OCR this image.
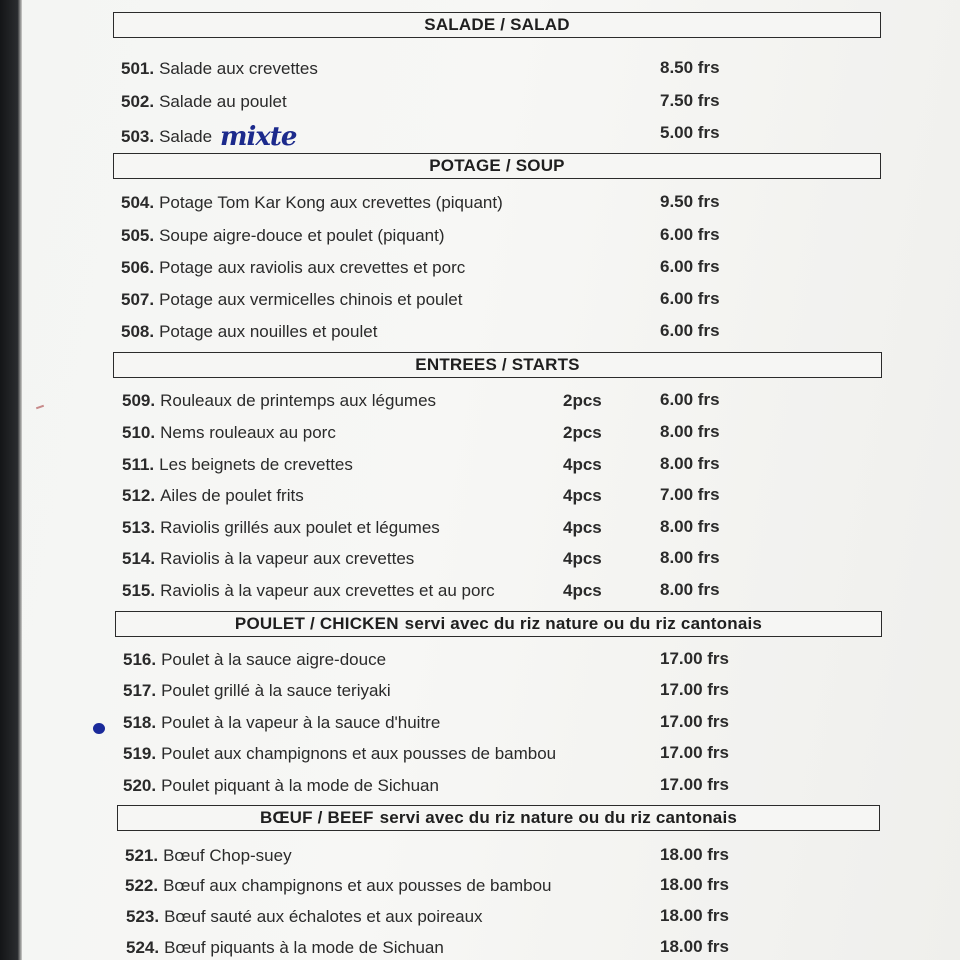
SALADE / SALAD
POTAGE / SOUP
ENTREES / STARTS
POULET / CHICKEN servi avec du riz nature ou du riz cantonais
BŒUF / BEEF servi avec du riz nature ou du riz cantonais
501. Salade aux crevettes	8.50 frs
502. Salade au poulet	7.50 frs
503. Salade mixte	5.00 frs
504. Potage Tom Kar Kong aux crevettes (piquant)	9.50 frs
505. Soupe aigre-douce et poulet (piquant)	6.00 frs
506. Potage aux raviolis aux crevettes et porc	6.00 frs
507. Potage aux vermicelles chinois et poulet	6.00 frs
508. Potage aux nouilles et poulet	6.00 frs
509. Rouleaux de printemps aux légumes	2pcs	6.00 frs
510. Nems rouleaux au porc	2pcs	8.00 frs
511. Les beignets de crevettes	4pcs	8.00 frs
512. Ailes de poulet frits	4pcs	7.00 frs
513. Raviolis grillés aux poulet et légumes	4pcs	8.00 frs
514. Raviolis à la vapeur aux crevettes	4pcs	8.00 frs
515. Raviolis à la vapeur aux crevettes et au porc	4pcs	8.00 frs
516. Poulet à la sauce aigre-douce	17.00 frs
517. Poulet grillé à la sauce teriyaki	17.00 frs
518. Poulet à la vapeur à la sauce d'huitre	17.00 frs
519. Poulet aux champignons et aux pousses de bambou	17.00 frs
520. Poulet piquant à la mode de Sichuan	17.00 frs
521. Bœuf Chop-suey	18.00 frs
522. Bœuf aux champignons et aux pousses de bambou	18.00 frs
523. Bœuf sauté aux échalotes et aux poireaux	18.00 frs
524. Bœuf piquants à la mode de Sichuan	18.00 frs
